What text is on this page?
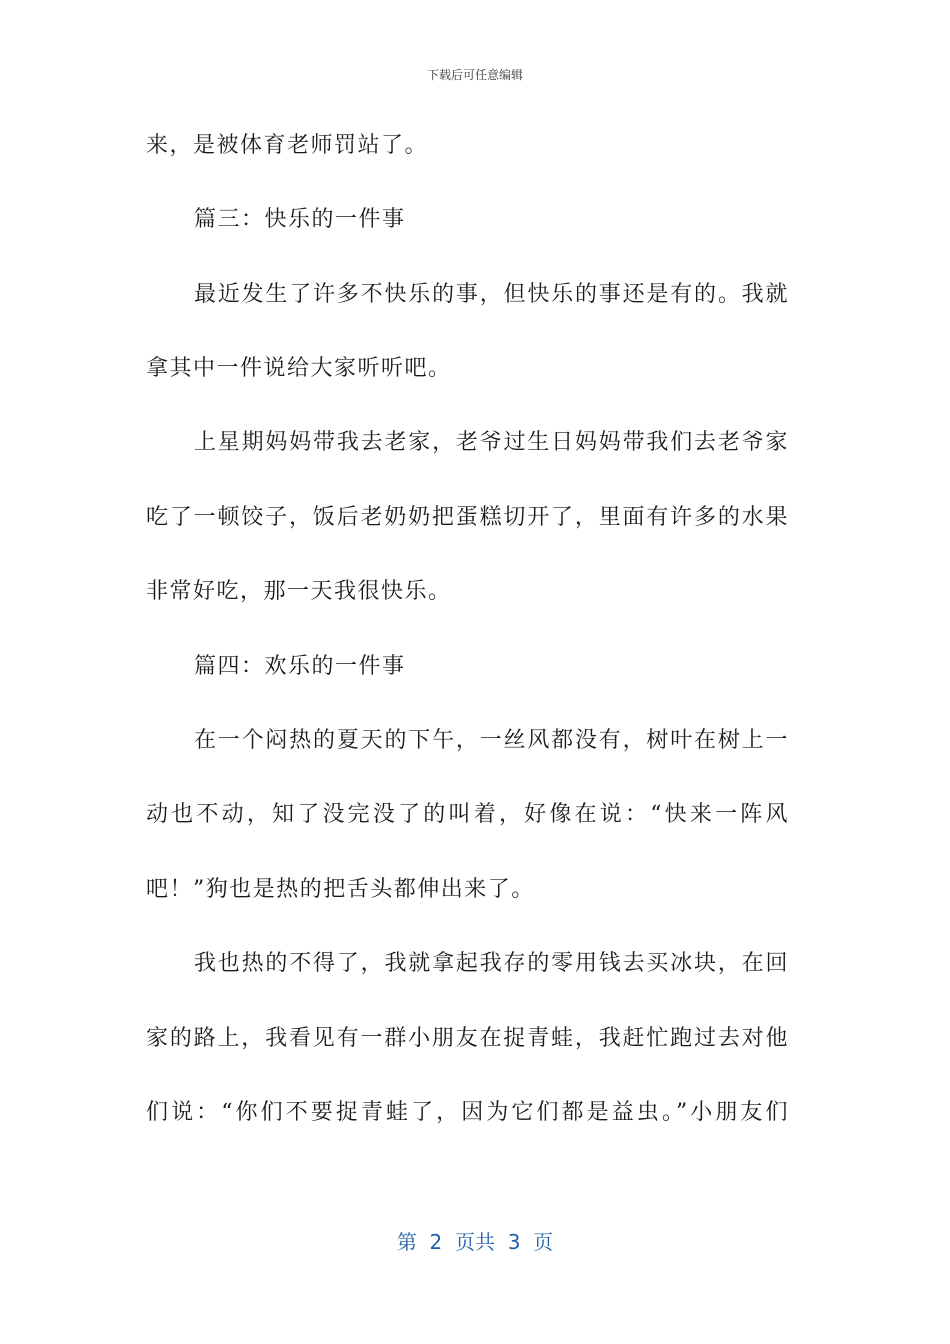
下载后可任意编辑
来，是被体育老师罚站了。
篇三：快乐的一件事
最近发生了许多不快乐的事，但快乐的事还是有的。我就
拿其中一件说给大家听听吧。
上星期妈妈带我去老家，老爷过生日妈妈带我们去老爷家
吃了一顿饺子，饭后老奶奶把蛋糕切开了，里面有许多的水果
非常好吃，那一天我很快乐。
篇四：欢乐的一件事
在一个闷热的夏天的下午，一丝风都没有，树叶在树上一
动也不动，知了没完没了的叫着，好像在说：“快来一阵风
吧！”狗也是热的把舌头都伸出来了。
我也热的不得了，我就拿起我存的零用钱去买冰块，在回
家的路上，我看见有一群小朋友在捉青蛙，我赶忙跑过去对他
们说：“你们不要捉青蛙了，因为它们都是益虫。”小朋友们
第  2  页共  3  页
